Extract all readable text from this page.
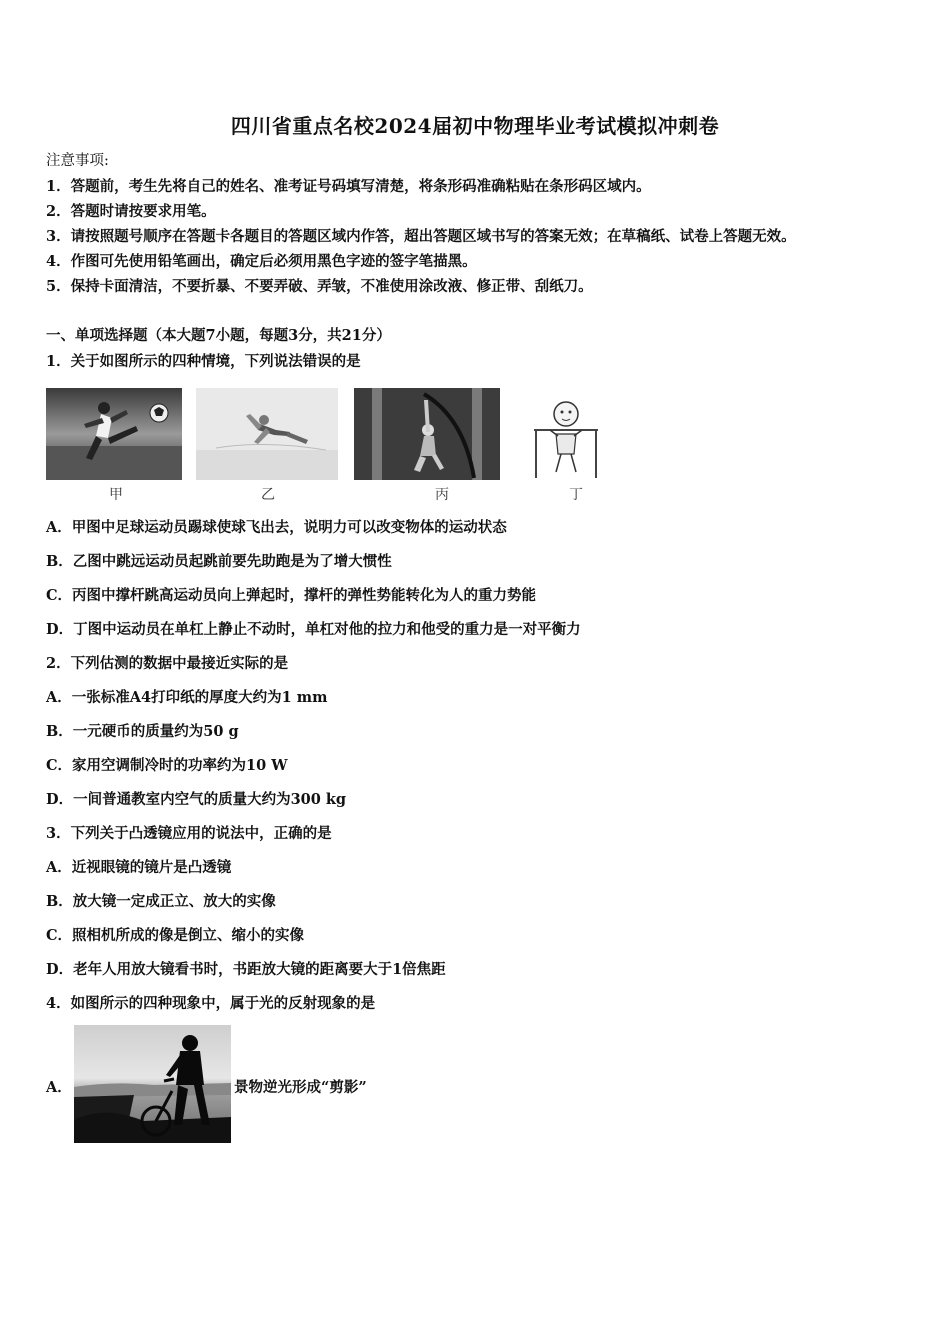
四川省重点名校2024届初中物理毕业考试模拟冲刺卷
注意事项:
1．答题前，考生先将自己的姓名、准考证号码填写清楚，将条形码准确粘贴在条形码区域内。
2．答题时请按要求用笔。
3．请按照题号顺序在答题卡各题目的答题区域内作答，超出答题区域书写的答案无效；在草稿纸、试卷上答题无效。
4．作图可先使用铅笔画出，确定后必须用黑色字迹的签字笔描黑。
5．保持卡面清洁，不要折暴、不要弄破、弄皱，不准使用涂改液、修正带、刮纸刀。
一、单项选择题（本大题7小题，每题3分，共21分）
1．关于如图所示的四种情境，下列说法错误的是
甲	乙	丙	丁
A．甲图中足球运动员踢球使球飞出去，说明力可以改变物体的运动状态
B．乙图中跳远运动员起跳前要先助跑是为了增大惯性
C．丙图中撑杆跳高运动员向上弹起时，撑杆的弹性势能转化为人的重力势能
D．丁图中运动员在单杠上静止不动时，单杠对他的拉力和他受的重力是一对平衡力
2．下列估测的数据中最接近实际的是
A．一张标准A4打印纸的厚度大约为1 mm
B．一元硬币的质量约为50 g
C．家用空调制冷时的功率约为10 W
D．一间普通教室内空气的质量大约为300 kg
3．下列关于凸透镜应用的说法中，正确的是
A．近视眼镜的镜片是凸透镜
B．放大镜一定成正立、放大的实像
C．照相机所成的像是倒立、缩小的实像
D．老年人用放大镜看书时，书距放大镜的距离要大于1倍焦距
4．如图所示的四种现象中，属于光的反射现象的是
A．	景物逆光形成“剪影”
